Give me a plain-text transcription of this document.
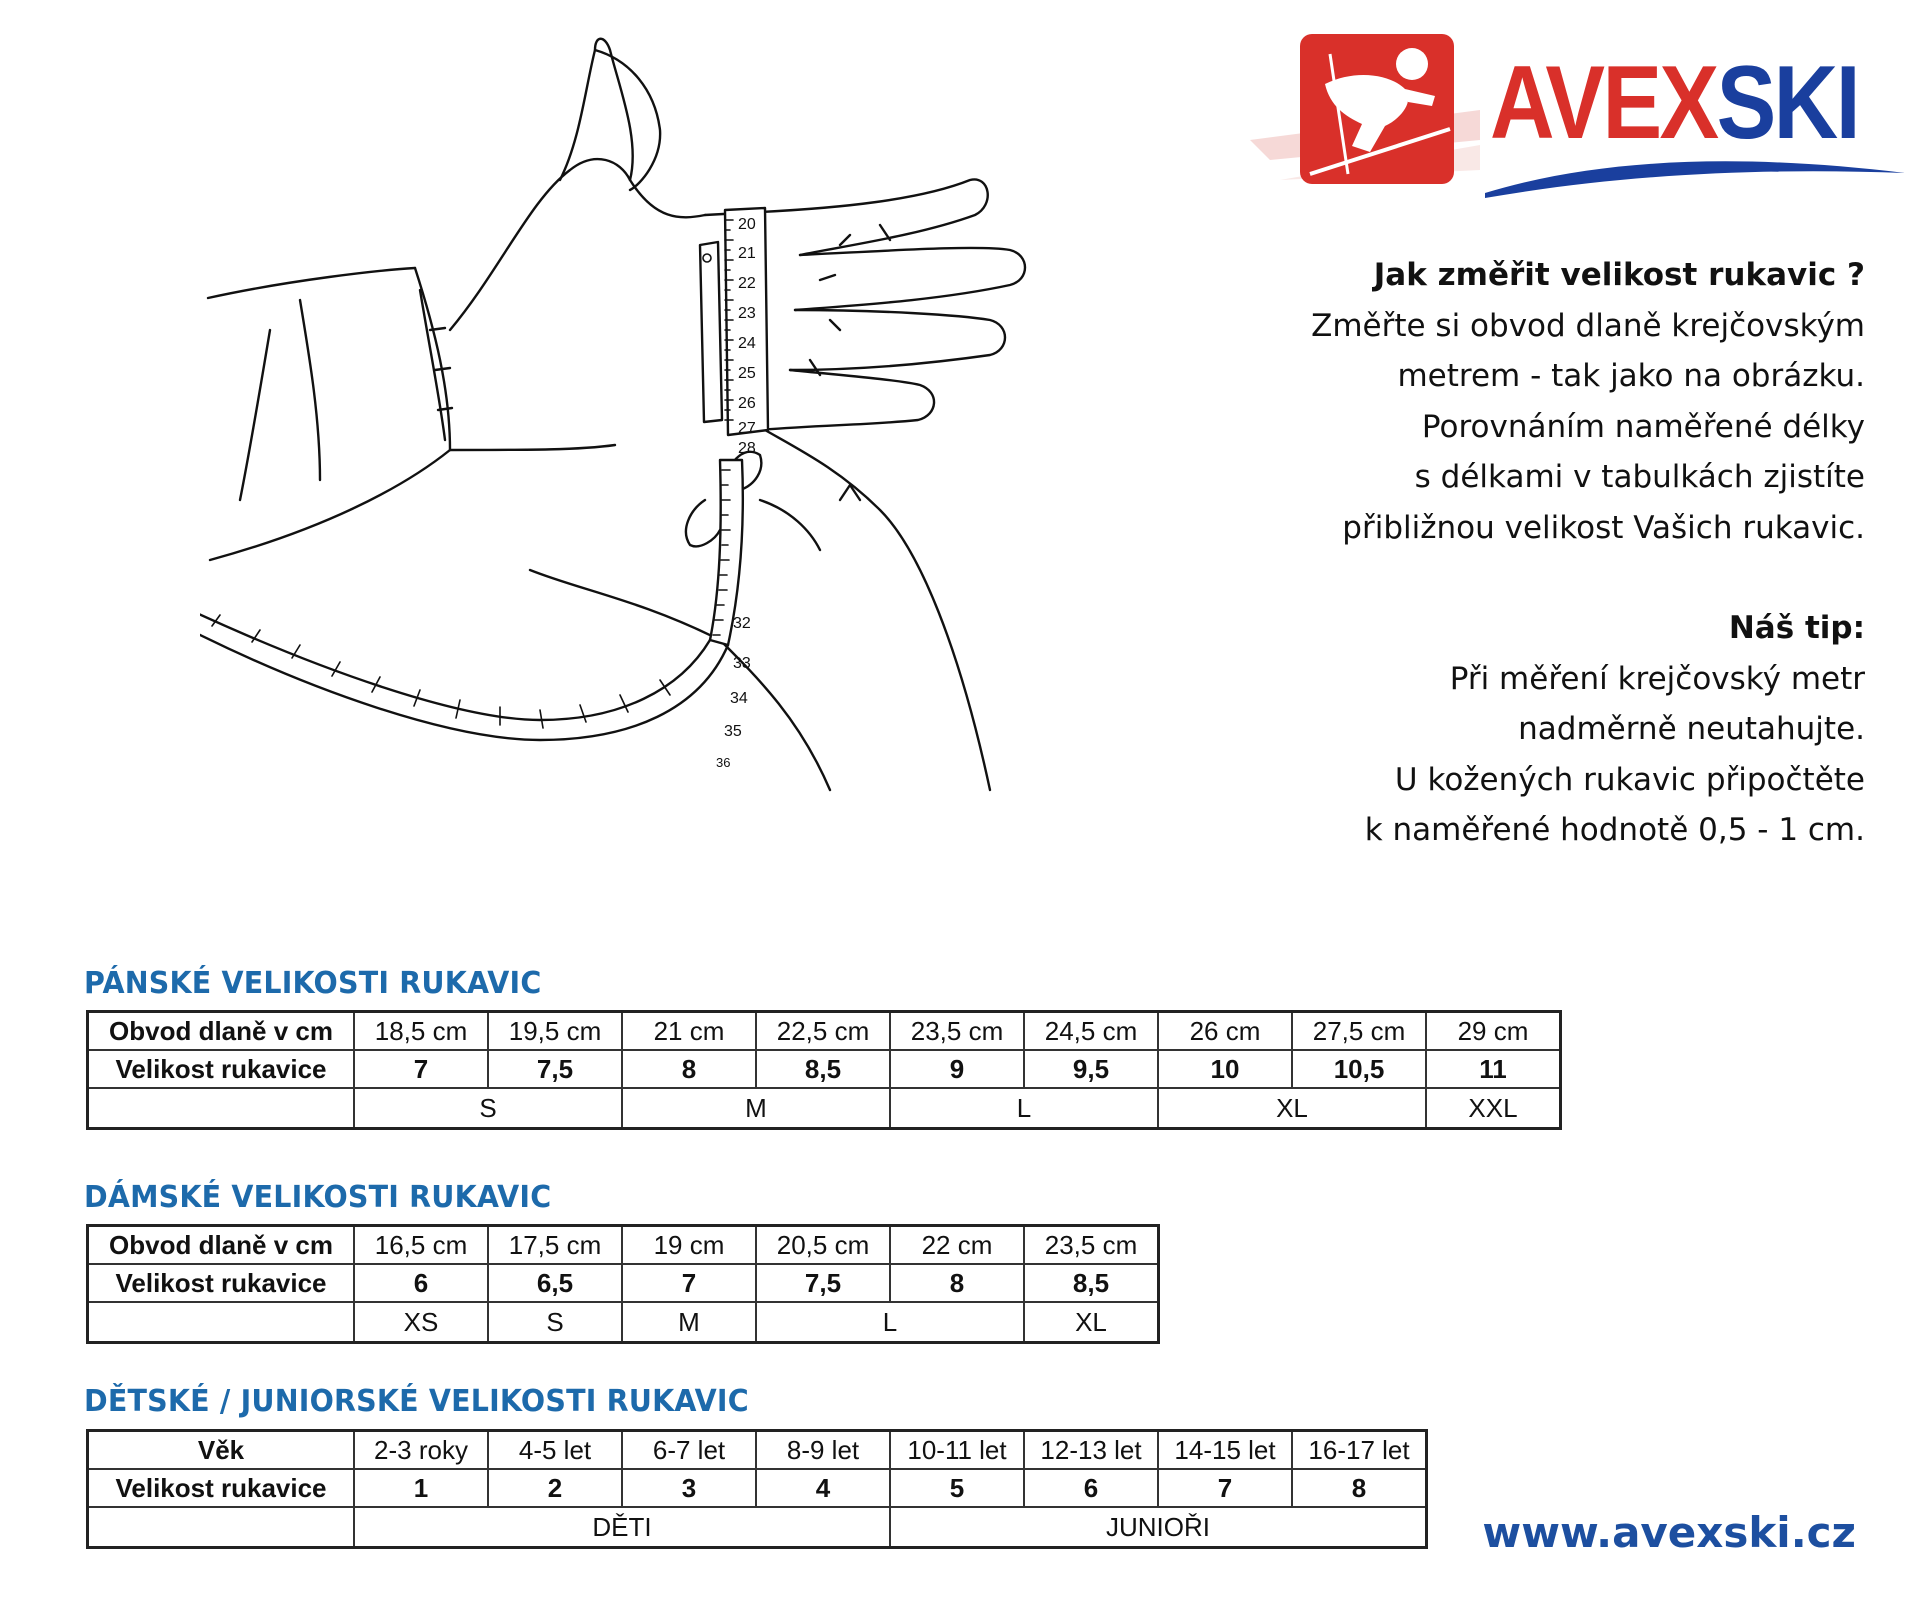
20
21
22
23
24
25
26
27
28
32
33
34
35
36
AVEXSKI
Jak změřit velikost rukavic ?
Změřte si obvod dlaně krejčovským
metrem - tak jako na obrázku.
Porovnáním naměřené délky
s délkami v tabulkách zjistíte
přibližnou velikost Vašich rukavic.
Náš tip:
Při měření krejčovský metr
nadměrně neutahujte.
U kožených rukavic připočtěte
k naměřené hodnotě 0,5 - 1 cm.
PÁNSKÉ VELIKOSTI RUKAVIC
Obvod dlaně v cm	18,5 cm	19,5 cm	21 cm	22,5 cm	23,5 cm	24,5 cm	26 cm	27,5 cm	29 cm
Velikost rukavice	7	7,5	8	8,5	9	9,5	10	10,5	11
	S		M		L		XL		XXL
DÁMSKÉ VELIKOSTI RUKAVIC
Obvod dlaně v cm	16,5 cm	17,5 cm	19 cm	20,5 cm	22 cm	23,5 cm
Velikost rukavice	6	6,5	7	7,5	8	8,5
	XS	S	M	L		XL
DĚTSKÉ / JUNIORSKÉ VELIKOSTI RUKAVIC
Věk	2-3 roky	4-5 let	6-7 let	8-9 let	10-11 let	12-13 let	14-15 let	16-17 let
Velikost rukavice	1	2	3	4	5	6	7	8
	DĚTI				JUNIOŘI				www.avexski.cz
